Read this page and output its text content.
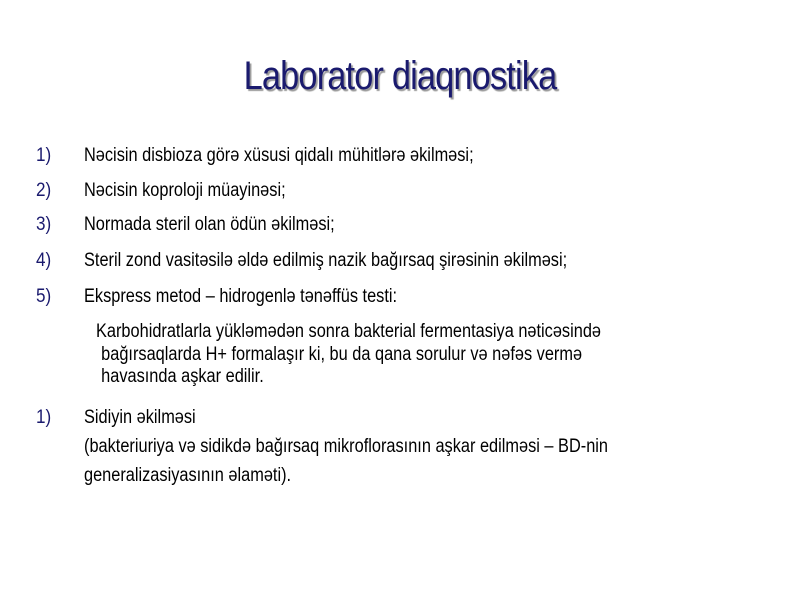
Laborator diaqnostika
1) Nǝcisin disbioza görǝ xüsusi qidalı mühitlǝrǝ ǝkilmǝsi;
2) Nǝcisin koproloji müayinǝsi;
3) Normada steril olan ödün ǝkilmǝsi;
4) Steril zond vasitǝsilǝ ǝldǝ edilmiş nazik bağırsaq şirǝsinin ǝkilmǝsi;
5) Ekspress metod – hidrogenlǝ tǝnǝffüs testi:
Karbohidratlarla yüklǝmǝdǝn sonra bakterial fermentasiya nǝticǝsindǝ
bağırsaqlarda H+ formalaşır ki, bu da qana sorulur vǝ nǝfǝs vermǝ
havasında aşkar edilir.
1) Sidiyin ǝkilmǝsi
(bakteriuriya vǝ sidikdǝ bağırsaq mikroflorasının aşkar edilmǝsi – BD-nin
generalizasiyasının ǝlamǝti).
